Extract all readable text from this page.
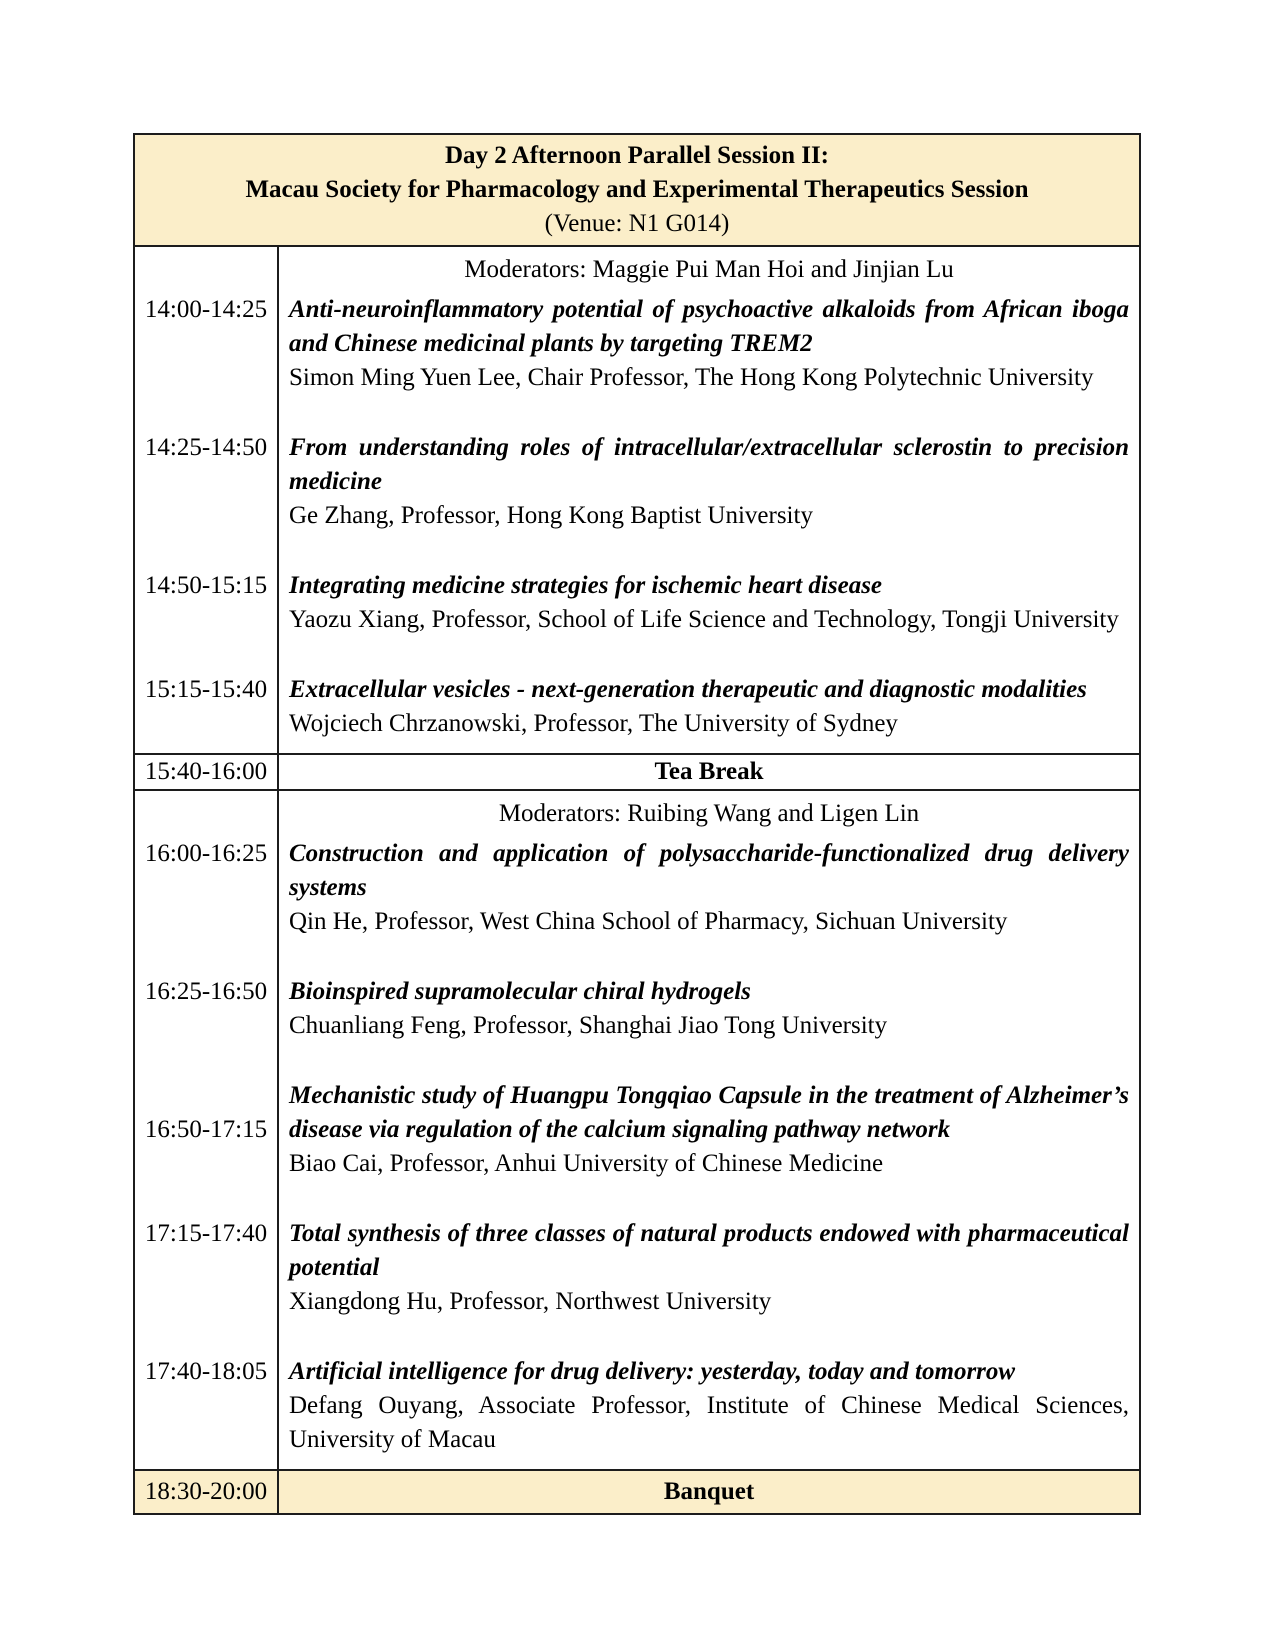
Day 2 Afternoon Parallel Session II:
Macau Society for Pharmacology and Experimental Therapeutics Session
(Venue: N1 G014)
Moderators: Maggie Pui Man Hoi and Jinjian Lu
14:00-14:25 Anti-neuroinflammatory potential of psychoactive alkaloids from African iboga and Chinese medicinal plants by targeting TREM2
Simon Ming Yuen Lee, Chair Professor, The Hong Kong Polytechnic University
14:25-14:50 From understanding roles of intracellular/extracellular sclerostin to precision medicine
Ge Zhang, Professor, Hong Kong Baptist University
14:50-15:15 Integrating medicine strategies for ischemic heart disease
Yaozu Xiang, Professor, School of Life Science and Technology, Tongji University
15:15-15:40 Extracellular vesicles - next-generation therapeutic and diagnostic modalities
Wojciech Chrzanowski, Professor, The University of Sydney
15:40-16:00	Tea Break
Moderators: Ruibing Wang and Ligen Lin
16:00-16:25 Construction and application of polysaccharide-functionalized drug delivery systems
Qin He, Professor, West China School of Pharmacy, Sichuan University
16:25-16:50 Bioinspired supramolecular chiral hydrogels
Chuanliang Feng, Professor, Shanghai Jiao Tong University
16:50-17:15
Mechanistic study of Huangpu Tongqiao Capsule in the treatment of Alzheimer’s disease via regulation of the calcium signaling pathway network
Biao Cai, Professor, Anhui University of Chinese Medicine
17:15-17:40 Total synthesis of three classes of natural products endowed with pharmaceutical potential
Xiangdong Hu, Professor, Northwest University
17:40-18:05 Artificial intelligence for drug delivery: yesterday, today and tomorrow
Defang Ouyang, Associate Professor, Institute of Chinese Medical Sciences, University of Macau
18:30-20:00	Banquet
